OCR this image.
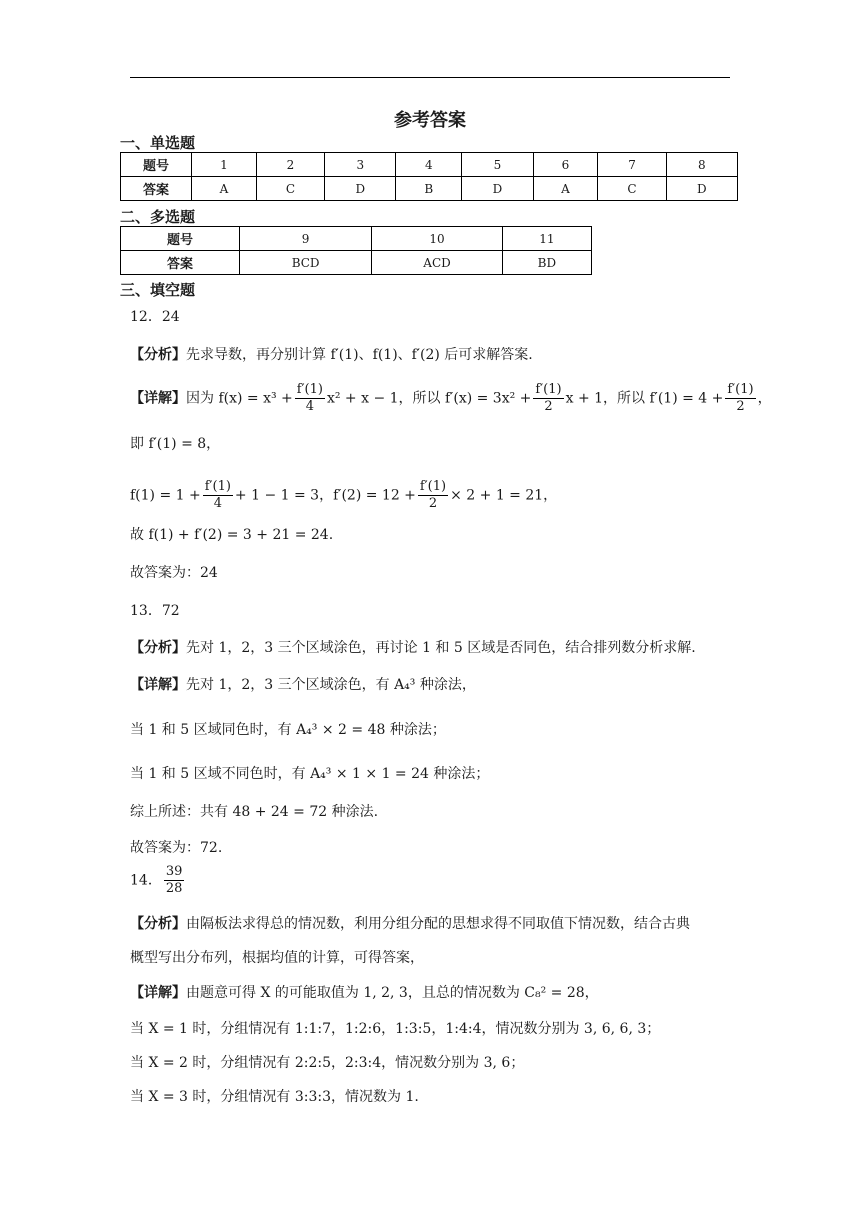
参考答案
一、单选题
题号	1	2	3	4	5	6	7	8
答案	A	C	D	B	D	A	C	D
二、多选题
题号	9	10	11
答案	BCD	ACD	BD
三、填空题
12．24
【分析】先求导数，再分别计算 f′(1)、f(1)、f′(2) 后可求解答案.
【详解】因为 $f(x) = x^3 + \frac{f'(1)}{4} x^2 + x - 1$，所以 $f'(x) = 3x^2 + \frac{f'(1)}{2}$ x + 1，所以 $f'(1) = 4 + \frac{f'(1)}{2}$ ，
即 f′(1) = 8，
$f(1) = 1 + \frac{f'(1)}{4} + 1 - 1 = 3$，$f'(2) = 12 + \frac{f'(1)}{2} \times 2 + 1 = 21$，
故 f(1) + f′(2) = 3 + 21 = 24.
故答案为：24
13．72
【分析】先对 1，2，3 三个区域涂色，再讨论 1 和 5 区域是否同色，结合排列数分析求解.
【详解】先对 1，2，3 三个区域涂色，有 A₄³ 种涂法，
当 1 和 5 区域同色时，有 A₄³ × 2 = 48 种涂法；
当 1 和 5 区域不同色时，有 A₄³ × 1 × 1 = 24 种涂法；
综上所述：共有 48 + 24 = 72 种涂法.
故答案为：72.
14． $\frac{39}{28}$
【分析】由隔板法求得总的情况数，利用分组分配的思想求得不同取值下情况数，结合古典
概型写出分布列，根据均值的计算，可得答案，
【详解】由题意可得 X 的可能取值为 1, 2, 3，且总的情况数为 C₈² = 28，
当 X = 1 时，分组情况有 1:1:7，1:2:6，1:3:5，1:4:4，情况数分别为 3, 6, 6, 3；
当 X = 2 时，分组情况有 2:2:5，2:3:4，情况数分别为 3, 6；
当 X = 3 时，分组情况有 3:3:3，情况数为 1.
